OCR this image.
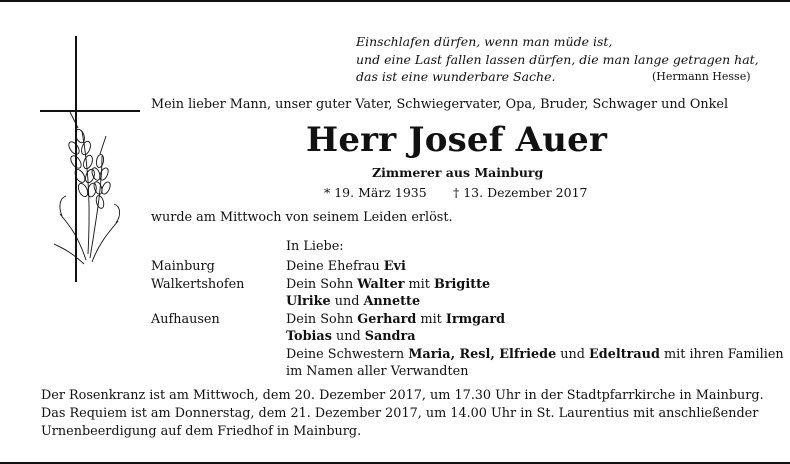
Einschlafen dürfen, wenn man müde ist,
und eine Last fallen lassen dürfen, die man lange getragen hat,
das ist eine wunderbare Sache.	(Hermann Hesse)
Mein lieber Mann, unser guter Vater, Schwiegervater, Opa, Bruder, Schwager und Onkel
Herr Josef Auer
Zimmerer aus Mainburg
* 19. März 1935 † 13. Dezember 2017
wurde am Mittwoch von seinem Leiden erlöst.
In Liebe:
Mainburg	Deine Ehefrau Evi
Walkertshofen	Dein Sohn Walter mit Brigitte
Ulrike und Annette
Aufhausen	Dein Sohn Gerhard mit Irmgard
Tobias und Sandra
Deine Schwestern Maria, Resl, Elfriede und Edeltraud mit ihren Familien
im Namen aller Verwandten
Der Rosenkranz ist am Mittwoch, dem 20. Dezember 2017, um 17.30 Uhr in der Stadtpfarrkirche in Mainburg.
Das Requiem ist am Donnerstag, dem 21. Dezember 2017, um 14.00 Uhr in St. Laurentius mit anschließender
Urnenbeerdigung auf dem Friedhof in Mainburg.
